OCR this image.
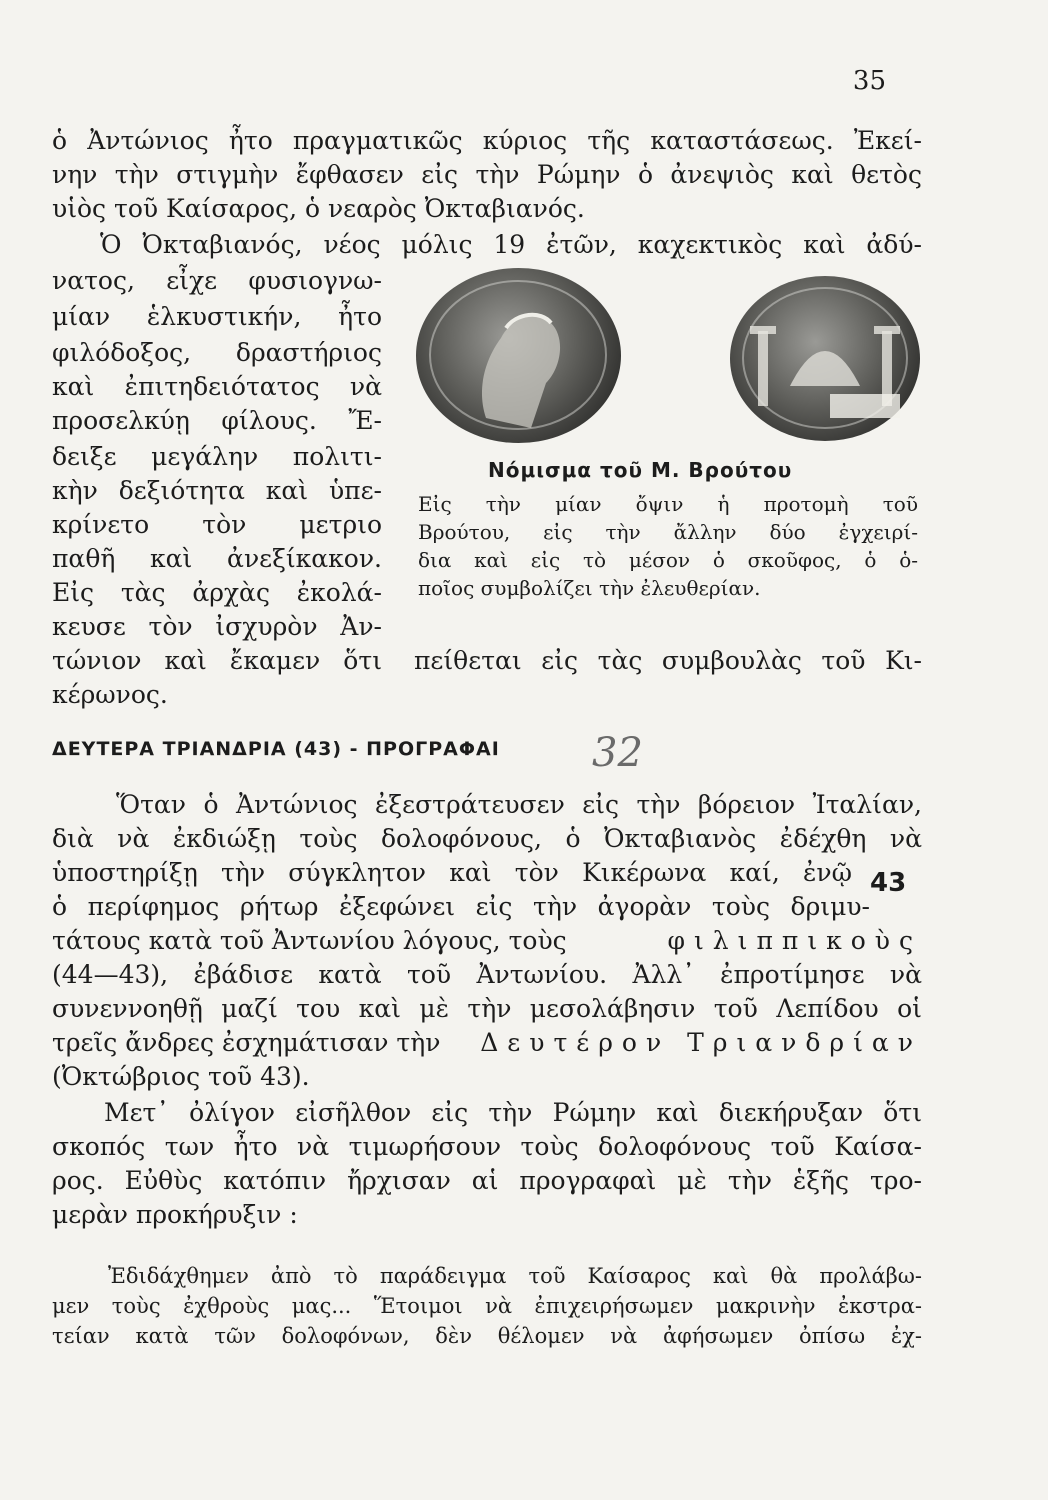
35
ὁ Ἀντώνιος ἦτο πραγματικῶς κύριος τῆς καταστάσεως. Ἐκεί-
νην τὴν στιγμὴν ἔφθασεν εἰς τὴν Ρώμην ὁ ἀνεψιὸς καὶ θετὸς
υἱὸς τοῦ Καίσαρος, ὁ νεαρὸς Ὀκταβιανός.
Ὁ Ὀκταβιανός, νέος μόλις 19 ἐτῶν, καχεκτικὸς καὶ ἀδύ-
νατος, εἶχε φυσιογνω-
μίαν ἑλκυστικήν, ἦτο
φιλόδοξος, δραστήριος
καὶ ἐπιτηδειότατος νὰ
προσελκύῃ φίλους. Ἔ-
δειξε μεγάλην πολιτι-
κὴν δεξιότητα καὶ ὑπε-
κρίνετο τὸν μετριο
παθῆ καὶ ἀνεξίκακον.
Εἰς τὰς ἀρχὰς ἐκολά-
κευσε τὸν ἰσχυρὸν Ἀν-
τώνιον καὶ ἔκαμεν ὅτι
κέρωνος.
πείθεται εἰς τὰς συμβουλὰς τοῦ Κι-
Νόμισμα τοῦ Μ. Βρούτου
Εἰς τὴν μίαν ὄψιν ἡ προτομὴ τοῦ
Βρούτου, εἰς τὴν ἄλλην δύο ἐγχειρί-
δια καὶ εἰς τὸ μέσον ὁ σκοῦφος, ὁ ὁ-
ποῖος συμβολίζει τὴν ἐλευθερίαν.
ΔΕΥΤΕΡΑ ΤΡΙΑΝΔΡΙΑ (43) - ΠΡΟΓΡΑΦΑΙ 32
43
Ὅταν ὁ Ἀντώνιος ἐξεστράτευσεν εἰς τὴν βόρειον Ἰταλίαν,
διὰ νὰ ἐκδιώξῃ τοὺς δολοφόνους, ὁ Ὀκταβιανὸς ἐδέχθη νὰ
ὑποστηρίξῃ τὴν σύγκλητον καὶ τὸν Κικέρωνα καί, ἐνῷ
ὁ περίφημος ρήτωρ ἐξεφώνει εἰς τὴν ἀγορὰν τοὺς δριμυ-
τάτους κατὰ τοῦ Ἀντωνίου λόγους, τοὺς	φιλιππικοὺς
(44—43), ἐβάδισε κατὰ τοῦ Ἀντωνίου. Ἀλλ᾽ ἐπροτίμησε νὰ
συνεννοηθῇ μαζί του καὶ μὲ τὴν μεσολάβησιν τοῦ Λεπίδου οἱ
τρεῖς ἄνδρες ἐσχημάτισαν τὴν Δευτέρον Τριανδρίαν
(Ὀκτώβριος τοῦ 43).
Μετ᾽ ὀλίγον εἰσῆλθον εἰς τὴν Ρώμην καὶ διεκήρυξαν ὅτι
σκοπός των ἦτο νὰ τιμωρήσουν τοὺς δολοφόνους τοῦ Καίσα-
ρος. Εὐθὺς κατόπιν ἤρχισαν αἱ προγραφαὶ μὲ τὴν ἑξῆς τρο-
μερὰν προκήρυξιν :
Ἐδιδάχθημεν ἀπὸ τὸ παράδειγμα τοῦ Καίσαρος καὶ θὰ προλάβω-
μεν τοὺς ἐχθροὺς μας... Ἕτοιμοι νὰ ἐπιχειρήσωμεν μακρινὴν ἐκστρα-
τείαν κατὰ τῶν δολοφόνων, δὲν θέλομεν νὰ ἀφήσωμεν ὀπίσω ἐχ-
